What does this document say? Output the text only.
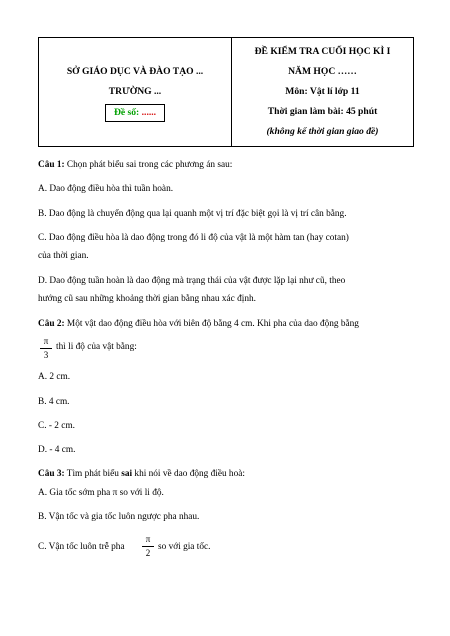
SỞ GIÁO DỤC VÀ ĐÀO TẠO ...
TRƯỜNG ...
Đề số: ......	
ĐỀ KIỂM TRA CUỐI HỌC KÌ I
NĂM HỌC ……
Môn: Vật lí lớp 11
Thời gian làm bài: 45 phút
(không kể thời gian giao đề)
Câu 1: Chọn phát biểu sai trong các phương án sau:
A. Dao động điều hòa thì tuần hoàn.
B. Dao động là chuyển động qua lại quanh một vị trí đặc biệt gọi là vị trí cân bằng.
C. Dao động điều hòa là dao động trong đó li độ của vật là một hàm tan (hay cotan)
của thời gian.
D. Dao động tuần hoàn là dao động mà trạng thái của vật được lặp lại như cũ, theo
hướng cũ sau những khoảng thời gian bằng nhau xác định.
Câu 2: Một vật dao động điều hòa với biên độ bằng 4 cm. Khi pha của dao động bằng
$\frac{\pi}{3}$ thì li độ của vật bằng:
A. 2 cm.
B. 4 cm.
C. - 2 cm.
D. - 4 cm.
Câu 3: Tìm phát biểu sai khi nói về dao động điều hoà:
A. Gia tốc sớm pha π so với li độ.
B. Vận tốc và gia tốc luôn ngược pha nhau.
C. Vận tốc luôn trễ pha $\frac{\pi}{2}$ so với gia tốc.
